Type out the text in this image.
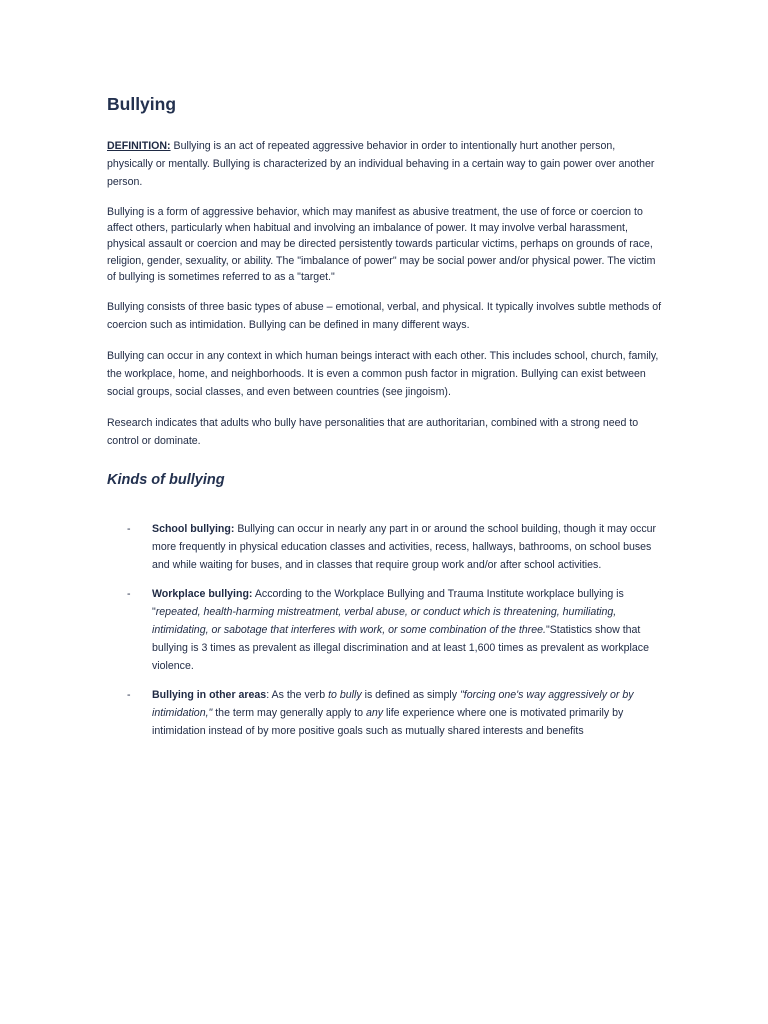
Bullying

DEFINITION: Bullying is an act of repeated aggressive behavior in order to intentionally hurt another person, physically or mentally. Bullying is characterized by an individual behaving in a certain way to gain power over another person.

Bullying is a form of aggressive behavior, which may manifest as abusive treatment, the use of force or coercion to affect others, particularly when habitual and involving an imbalance of power. It may involve verbal harassment, physical assault or coercion and may be directed persistently towards particular victims, perhaps on grounds of race, religion, gender, sexuality, or ability. The "imbalance of power" may be social power and/or physical power. The victim of bullying is sometimes referred to as a "target."

Bullying consists of three basic types of abuse – emotional, verbal, and physical. It typically involves subtle methods of coercion such as intimidation. Bullying can be defined in many different ways.

Bullying can occur in any context in which human beings interact with each other. This includes school, church, family, the workplace, home, and neighborhoods. It is even a common push factor in migration. Bullying can exist between social groups, social classes, and even between countries (see jingoism).

Research indicates that adults who bully have personalities that are authoritarian, combined with a strong need to control or dominate.

Kinds of bullying
- School bullying: Bullying can occur in nearly any part in or around the school building, though it may occur more frequently in physical education classes and activities, recess, hallways, bathrooms, on school buses and while waiting for buses, and in classes that require group work and/or after school activities.
- Workplace bullying: According to the Workplace Bullying and Trauma Institute workplace bullying is "repeated, health-harming mistreatment, verbal abuse, or conduct which is threatening, humiliating, intimidating, or sabotage that interferes with work, or some combination of the three."Statistics show that bullying is 3 times as prevalent as illegal discrimination and at least 1,600 times as prevalent as workplace violence.
- Bullying in other areas: As the verb to bully is defined as simply "forcing one's way aggressively or by intimidation," the term may generally apply to any life experience where one is motivated primarily by intimidation instead of by more positive goals such as mutually shared interests and benefits
